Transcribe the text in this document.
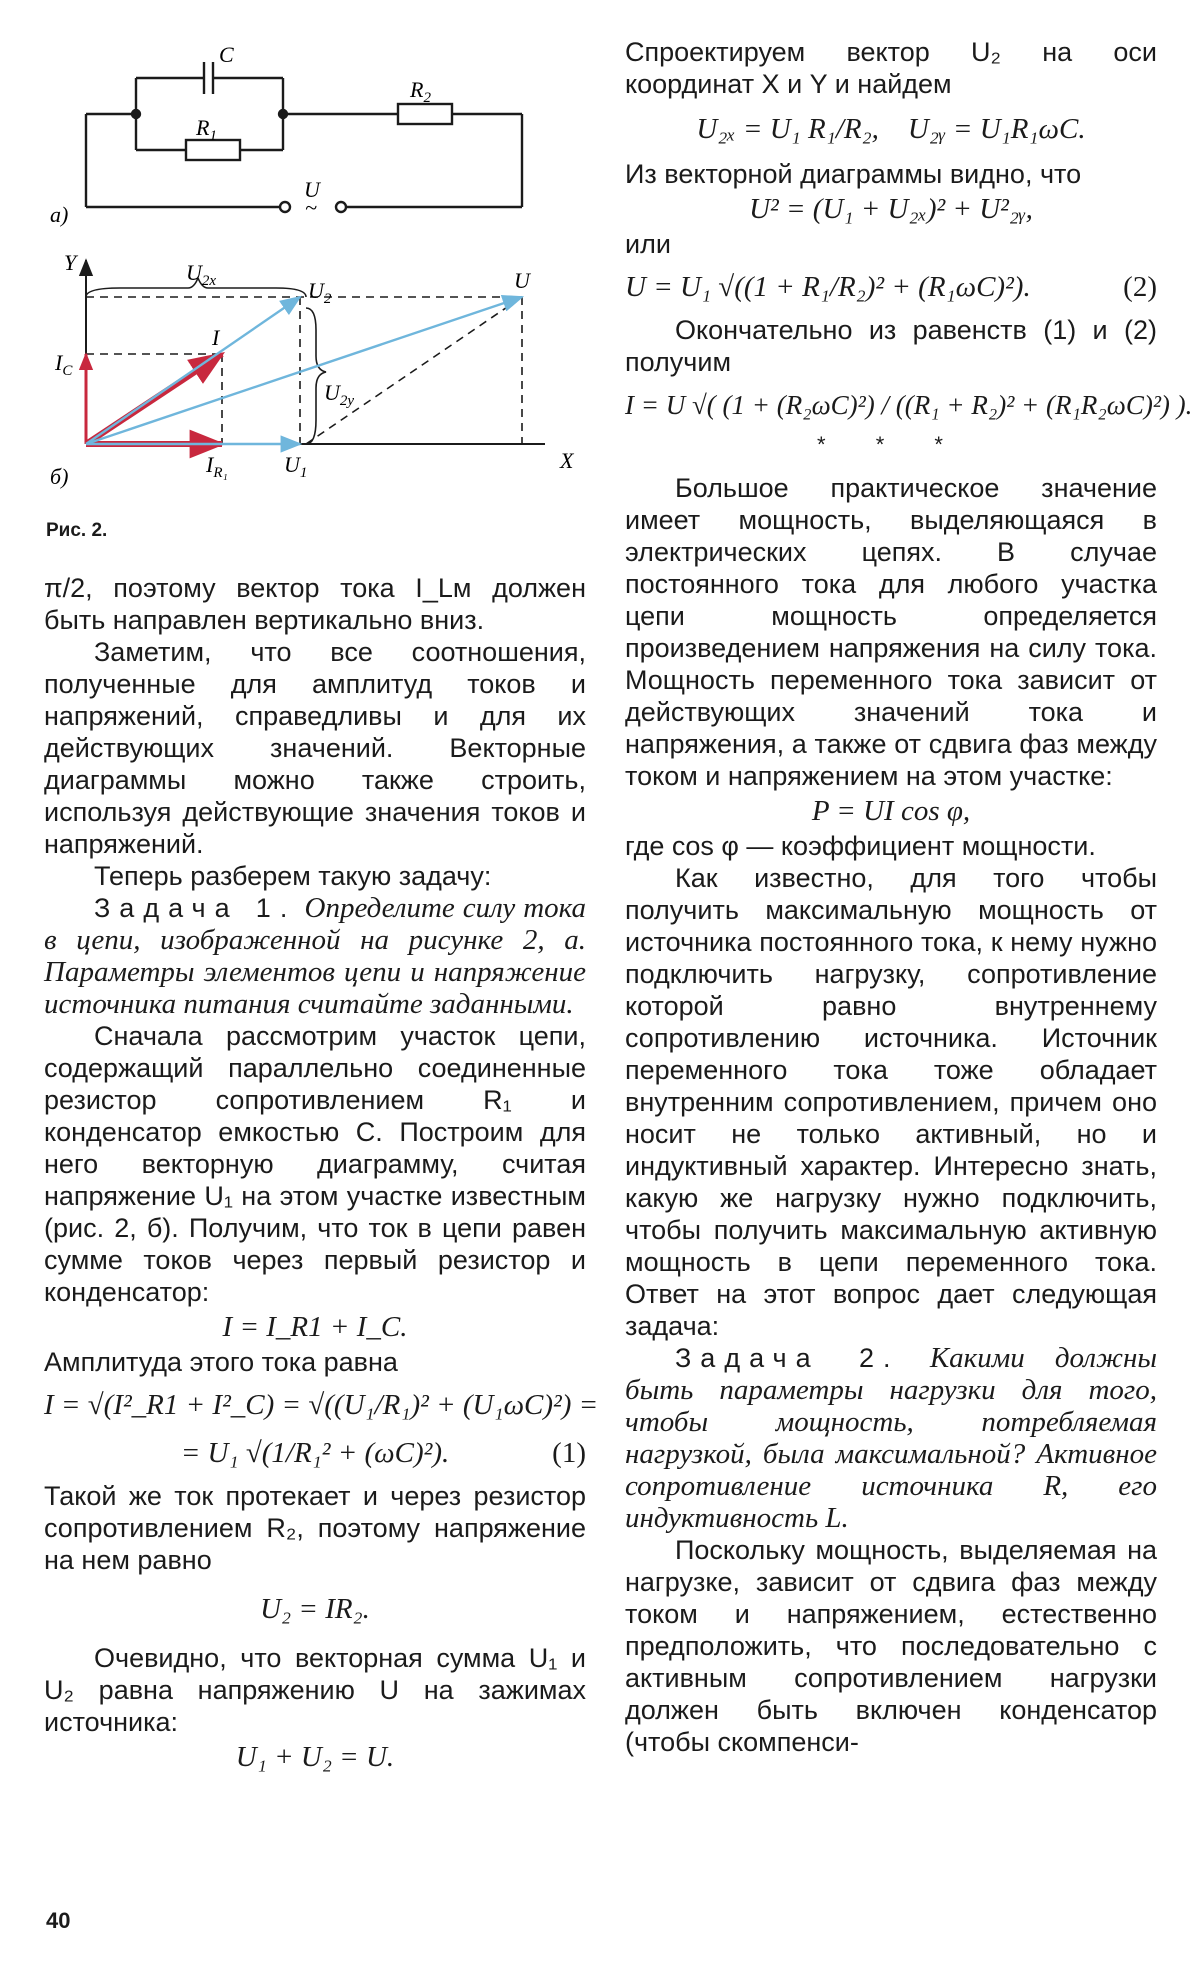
C
$R_1$
$R_2$
U
~
а)
Y
X
$U_{2x}$	$U_2$
U
I
$I_C$
$U_{2y}$
$I_{R_1}$	$U_1$
б)
Рис. 2.

π/2, поэтому вектор тока I_Lм должен быть направлен вертикально вниз.

Заметим, что все соотношения, полученные для амплитуд токов и напряжений, справедливы и для их действующих значений. Векторные диаграммы можно также строить, используя действующие значения токов и напряжений.

Теперь разберем такую задачу:

Задача 1. Определите силу тока в цепи, изображенной на рисунке 2, а. Параметры элементов цепи и напряжение источника питания считайте заданными.

Сначала рассмотрим участок цепи, содержащий параллельно соединенные резистор сопротивлением R₁ и конденсатор емкостью C. Построим для него векторную диаграмму, считая напряжение U₁ на этом участке известным (рис. 2, б). Получим, что ток в цепи равен сумме токов через первый резистор и конденсатор:

I = I_R1 + I_C.

Амплитуда этого тока равна

I = √(I²_R1 + I²_C) = √((U₁/R₁)² + (U₁ωC)²) =

= U₁ √(1/R₁² + (ωC)²).	(1)

Такой же ток протекает и через резистор сопротивлением R₂, поэтому напряжение на нем равно

U₂ = IR₂.

Очевидно, что векторная сумма U₁ и U₂ равна напряжению U на зажимах источника:

U₁ + U₂ = U.

Спроектируем вектор U₂ на оси координат X и Y и найдем

U₂ₓ = U₁ R₁/R₂,    U₂ᵧ = U₁R₁ωC.

Из векторной диаграммы видно, что

U² = (U₁ + U₂ₓ)² + U²₂ᵧ,

или

U = U₁ √((1 + R₁/R₂)² + (R₁ωC)²).	(2)

Окончательно из равенств (1) и (2) получим

I = U √( (1 + (R₂ωC)²) / ((R₁ + R₂)² + (R₁R₂ωC)²) ).

* * *

Большое практическое значение имеет мощность, выделяющаяся в электрических цепях. В случае постоянного тока для любого участка цепи мощность определяется произведением напряжения на силу тока. Мощность переменного тока зависит от действующих значений тока и напряжения, а также от сдвига фаз между током и напряжением на этом участке:

P = UI cos φ,

где cos φ — коэффициент мощности.

Как известно, для того чтобы получить максимальную мощность от источника постоянного тока, к нему нужно подключить нагрузку, сопротивление которой равно внутреннему сопротивлению источника. Источник переменного тока тоже обладает внутренним сопротивлением, причем оно носит не только активный, но и индуктивный характер. Интересно знать, какую же нагрузку нужно подключить, чтобы получить максимальную активную мощность в цепи переменного тока. Ответ на этот вопрос дает следующая задача:

Задача 2. Какими должны быть параметры нагрузки для того, чтобы мощность, потребляемая нагрузкой, была максимальной? Активное сопротивление источника R, его индуктивность L.

Поскольку мощность, выделяемая на нагрузке, зависит от сдвига фаз между током и напряжением, естественно предположить, что последовательно с активным сопротивлением нагрузки должен быть включен конденсатор (чтобы скомпенси-

40
